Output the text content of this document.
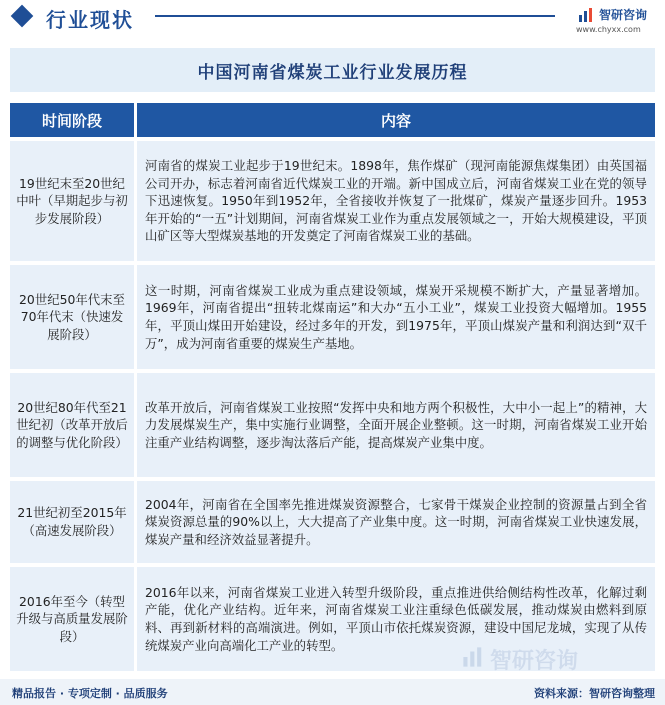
行业现状	智研咨询
www.chyxx.com
中国河南省煤炭工业行业发展历程
时间阶段	内容
19世纪末至20世纪中叶（早期起步与初步发展阶段）	河南省的煤炭工业起步于19世纪末。1898年，焦作煤矿（现河南能源焦煤集团）由英国福公司开办，标志着河南省近代煤炭工业的开端。新中国成立后，河南省煤炭工业在党的领导下迅速恢复。1950年到1952年，全省接收并恢复了一批煤矿，煤炭产量逐步回升。1953年开始的“一五”计划期间，河南省煤炭工业作为重点发展领域之一，开始大规模建设，平顶山矿区等大型煤炭基地的开发奠定了河南省煤炭工业的基础。
20世纪50年代末至70年代末（快速发展阶段）	这一时期，河南省煤炭工业成为重点建设领域，煤炭开采规模不断扩大，产量显著增加。1969年，河南省提出“扭转北煤南运”和大办“五小工业”，煤炭工业投资大幅增加。1955年，平顶山煤田开始建设，经过多年的开发，到1975年，平顶山煤炭产量和利润达到“双千万”，成为河南省重要的煤炭生产基地。
20世纪80年代至21世纪初（改革开放后的调整与优化阶段）	改革开放后，河南省煤炭工业按照“发挥中央和地方两个积极性，大中小一起上”的精神，大力发展煤炭生产，集中实施行业调整，全面开展企业整顿。这一时期，河南省煤炭工业开始注重产业结构调整，逐步淘汰落后产能，提高煤炭产业集中度。
21世纪初至2015年（高速发展阶段）	2004年，河南省在全国率先推进煤炭资源整合，七家骨干煤炭企业控制的资源量占到全省煤炭资源总量的90%以上，大大提高了产业集中度。这一时期，河南省煤炭工业快速发展，煤炭产量和经济效益显著提升。
2016年至今（转型升级与高质量发展阶段）	2016年以来，河南省煤炭工业进入转型升级阶段，重点推进供给侧结构性改革，化解过剩产能，优化产业结构。近年来，河南省煤炭工业注重绿色低碳发展，推动煤炭由燃料到原料、再到新材料的高端演进。例如，平顶山市依托煤炭资源，建设中国尼龙城，实现了从传统煤炭产业向高端化工产业的转型。
智研咨询
精品报告 · 专项定制 · 品质服务	资料来源：智研咨询整理
